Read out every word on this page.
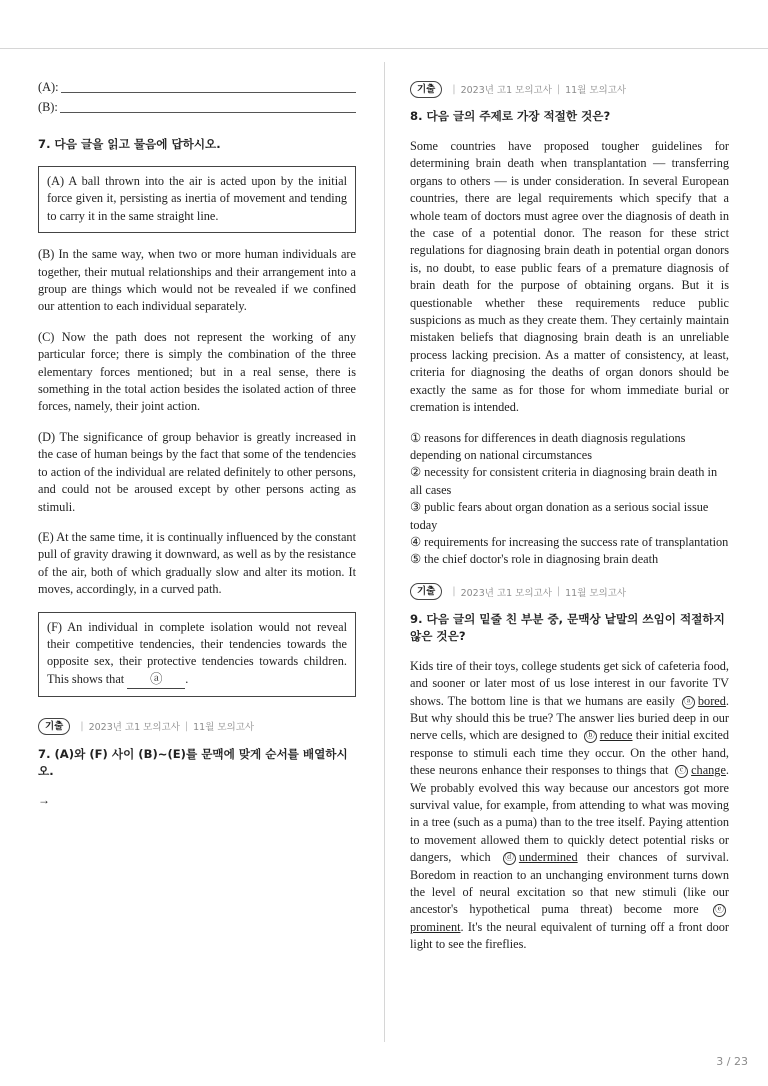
(A):
(B):
7. 다음 글을 읽고 물음에 답하시오.

(A) A ball thrown into the air is acted upon by the initial force given it, persisting as inertia of movement and tending to carry it in the same straight line.

(B) In the same way, when two or more human individuals are together, their mutual relationships and their arrangement into a group are things which would not be revealed if we confined our attention to each individual separately.

(C) Now the path does not represent the working of any particular force; there is simply the combination of the three elementary forces mentioned; but in a real sense, there is something in the total action besides the isolated action of three forces, namely, their joint action.

(D) The significance of group behavior is greatly increased in the case of human beings by the fact that some of the tendencies to action of the individual are related definitely to other persons, and could not be aroused except by other persons acting as stimuli.

(E) At the same time, it is continually influenced by the constant pull of gravity drawing it downward, as well as by the resistance of the air, both of which gradually slow and alter its motion. It moves, accordingly, in a curved path.

(F) An individual in complete isolation would not reveal their competitive tendencies, their tendencies towards the opposite sex, their protective tendencies towards children. This shows that ⓐ .

기출	| 2023년 고1 모의고사 | 11월 모의고사
7. (A)와 (F) 사이 (B)~(E)를 문맥에 맞게 순서를 배열하시오.
→
기출	| 2023년 고1 모의고사 | 11월 모의고사
8. 다음 글의 주제로 가장 적절한 것은?

Some countries have proposed tougher guidelines for determining brain death when transplantation — transferring organs to others — is under consideration. In several European countries, there are legal requirements which specify that a whole team of doctors must agree over the diagnosis of death in the case of a potential donor. The reason for these strict regulations for diagnosing brain death in potential organ donors is, no doubt, to ease public fears of a premature diagnosis of brain death for the purpose of obtaining organs. But it is questionable whether these requirements reduce public suspicions as much as they create them. They certainly maintain mistaken beliefs that diagnosing brain death is an unreliable process lacking precision. As a matter of consistency, at least, criteria for diagnosing the deaths of organ donors should be exactly the same as for those for whom immediate burial or cremation is intended.

① reasons for differences in death diagnosis regulations depending on national circumstances
② necessity for consistent criteria in diagnosing brain death in all cases
③ public fears about organ donation as a serious social issue today
④ requirements for increasing the success rate of transplantation
⑤ the chief doctor's role in diagnosing brain death
기출	| 2023년 고1 모의고사 | 11월 모의고사
9. 다음 글의 밑줄 친 부분 중, 문맥상 낱말의 쓰임이 적절하지 않은 것은?

Kids tire of their toys, college students get sick of cafeteria food, and sooner or later most of us lose interest in our favorite TV shows. The bottom line is that we humans are easily ⓐ bored. But why should this be true? The answer lies buried deep in our nerve cells, which are designed to ⓑ reduce their initial excited response to stimuli each time they occur. On the other hand, these neurons enhance their responses to things that ⓒ change. We probably evolved this way because our ancestors got more survival value, for example, from attending to what was moving in a tree (such as a puma) than to the tree itself. Paying attention to movement allowed them to quickly detect potential risks or dangers, which ⓓ undermined their chances of survival. Boredom in reaction to an unchanging environment turns down the level of neural excitation so that new stimuli (like our ancestor's hypothetical puma threat) become more ⓔprominent. It's the neural equivalent of turning off a front door light to see the fireflies.

3 / 23
